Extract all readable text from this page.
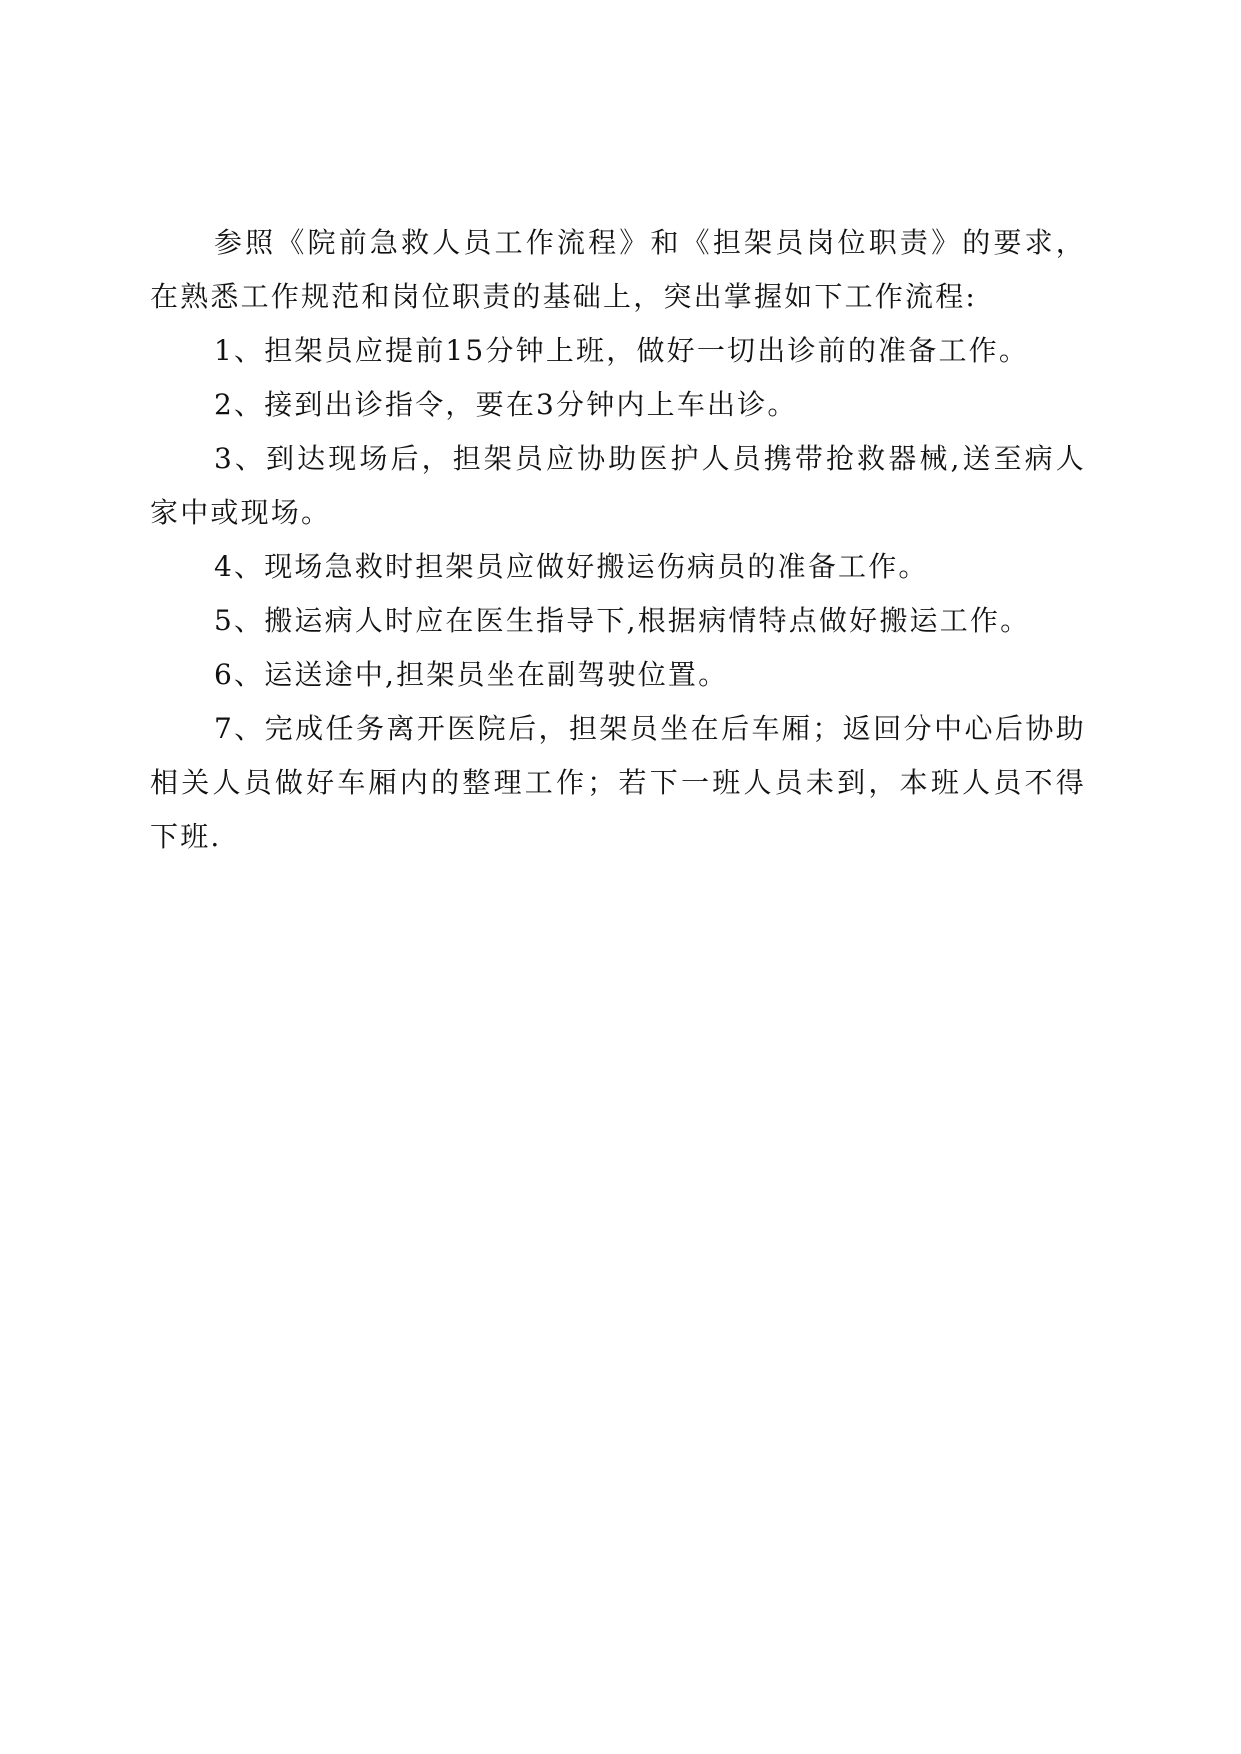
参照《院前急救人员工作流程》和《担架员岗位职责》的要求，在熟悉工作规范和岗位职责的基础上，突出掌握如下工作流程:

1、担架员应提前15分钟上班，做好一切出诊前的准备工作。

2、接到出诊指令，要在3分钟内上车出诊。

3、到达现场后，担架员应协助医护人员携带抢救器械,送至病人家中或现场。

4、现场急救时担架员应做好搬运伤病员的准备工作。

5、搬运病人时应在医生指导下,根据病情特点做好搬运工作。

6、运送途中,担架员坐在副驾驶位置。

7、完成任务离开医院后，担架员坐在后车厢；返回分中心后协助相关人员做好车厢内的整理工作；若下一班人员未到，本班人员不得下班.
